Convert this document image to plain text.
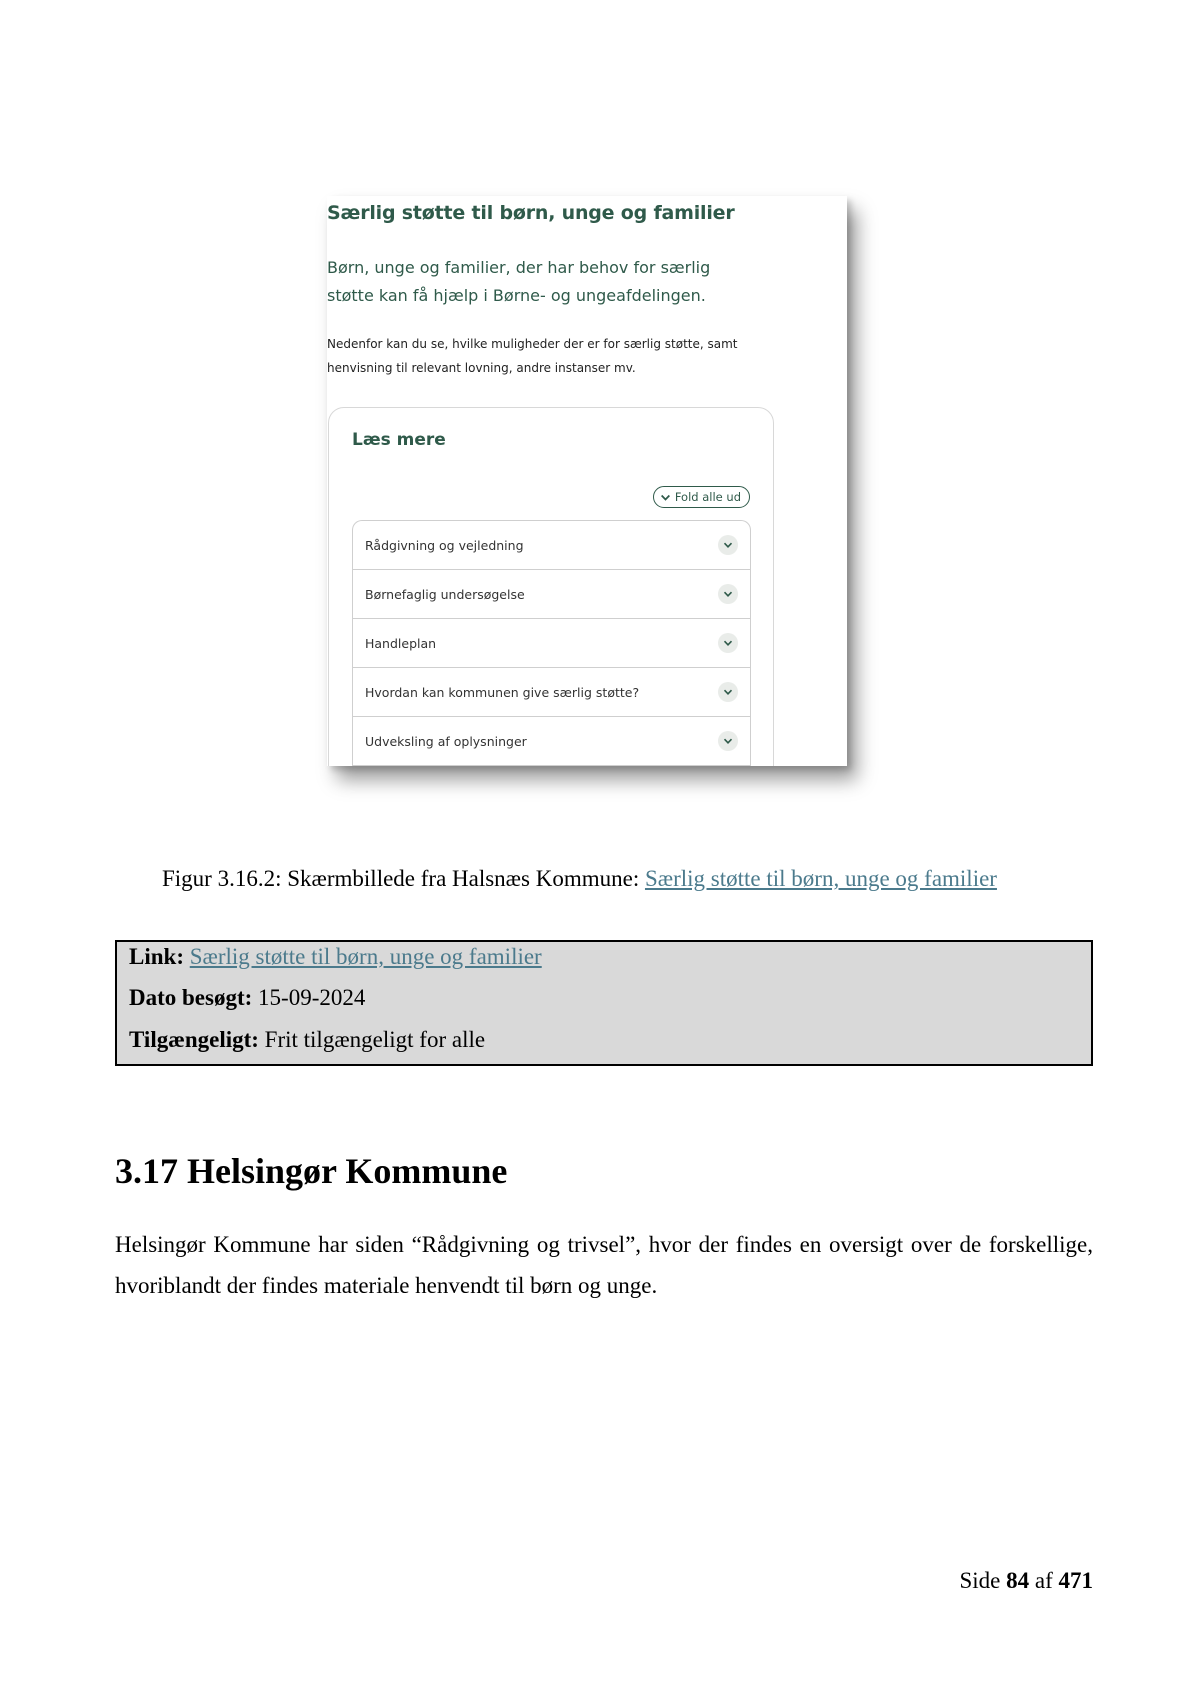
Særlig støtte til børn, unge og familier

Børn, unge og familier, der har behov for særlig støtte kan få hjælp i Børne- og ungeafdelingen.

Nedenfor kan du se, hvilke muligheder der er for særlig støtte, samt henvisning til relevant lovning, andre instanser mv.

Læs mere
Fold alle ud
Rådgivning og vejledning
Børnefaglig undersøgelse
Handleplan
Hvordan kan kommunen give særlig støtte?
Udveksling af oplysninger

Figur 3.16.2: Skærmbillede fra Halsnæs Kommune: Særlig støtte til børn, unge og familier

Link: Særlig støtte til børn, unge og familier
Dato besøgt: 15-09-2024
Tilgængeligt: Frit tilgængeligt for alle
3.17 Helsingør Kommune

Helsingør Kommune har siden “Rådgivning og trivsel”, hvor der findes en oversigt over de forskellige, hvoriblandt der findes materiale henvendt til børn og unge.

Side 84 af 471
